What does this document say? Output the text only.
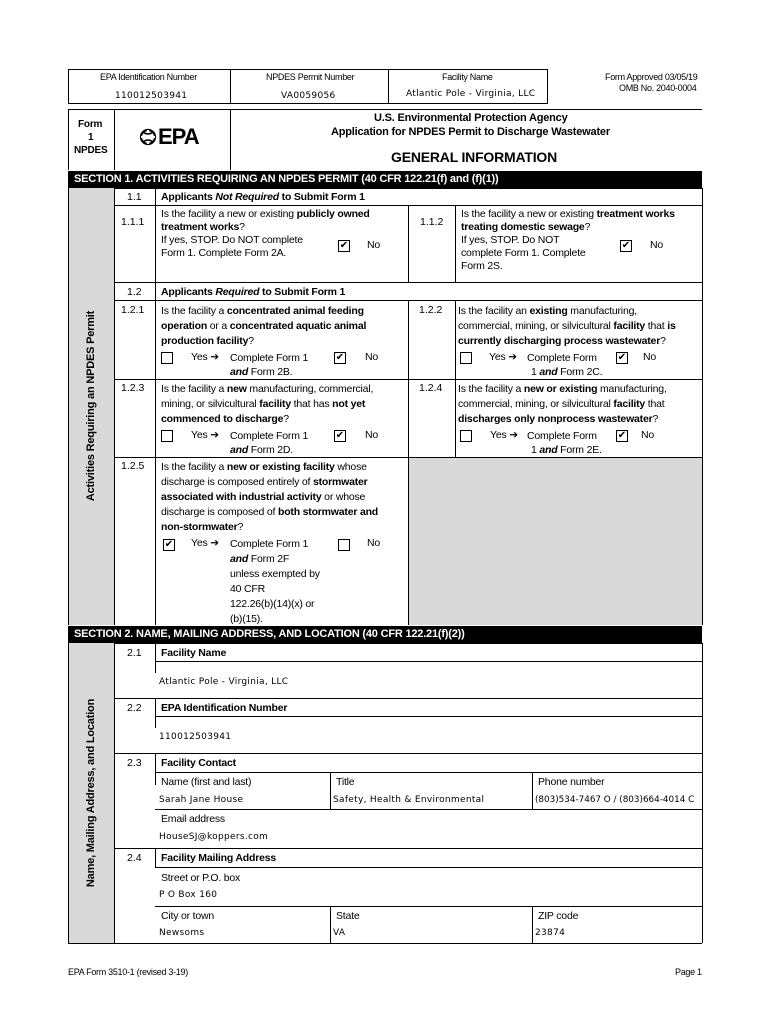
EPA Identification Number
110012503941
NPDES Permit Number
VA0059056
Facility Name
Atlantic Pole - Virginia, LLC
Form Approved 03/05/19
OMB No. 2040-0004
Form
1
NPDES
EPA
U.S. Environmental Protection Agency
Application for NPDES Permit to Discharge Wastewater
GENERAL INFORMATION
SECTION 1. ACTIVITIES REQUIRING AN NPDES PERMIT (40 CFR 122.21(f) and (f)(1))
Activities Requiring an NPDES Permit
1.1 Applicants Not Required to Submit Form 1
1.1.1
Is the facility a new or existing publicly owned
treatment works?
If yes, STOP. Do NOT complete
Form 1. Complete Form 2A.
✔ No
1.1.2
Is the facility a new or existing treatment works
treating domestic sewage?
If yes, STOP. Do NOT
complete Form 1. Complete
Form 2S.
✔ No
1.2 Applicants Required to Submit Form 1
1.2.1 Is the facility a concentrated animal feeding
operation or a concentrated aquatic animal
production facility?
Yes ➔ Complete Form 1
and Form 2B.
✔ No
1.2.2 Is the facility an existing manufacturing,
commercial, mining, or silvicultural facility that is
currently discharging process wastewater?
Yes ➔ Complete Form
1 and Form 2C.
✔ No
1.2.3 Is the facility a new manufacturing, commercial,
mining, or silvicultural facility that has not yet
commenced to discharge?
Yes ➔ Complete Form 1
and Form 2D.
✔ No
1.2.4 Is the facility a new or existing manufacturing,
commercial, mining, or silvicultural facility that
discharges only nonprocess wastewater?
Yes ➔ Complete Form
1 and Form 2E.
✔ No
1.2.5 Is the facility a new or existing facility whose
discharge is composed entirely of stormwater
associated with industrial activity or whose
discharge is composed of both stormwater and
non-stormwater?
✔ Yes ➔ Complete Form 1
and Form 2F
unless exempted by
40 CFR
122.26(b)(14)(x) or
(b)(15).
No
SECTION 2. NAME, MAILING ADDRESS, AND LOCATION (40 CFR 122.21(f)(2))
Name, Mailing Address, and Location
2.1 Facility Name
Atlantic Pole - Virginia, LLC
2.2 EPA Identification Number
110012503941
2.3 Facility Contact
Name (first and last)
Sarah Jane House
Title
Safety, Health & Environmental
Phone number
(803)534-7467 O / (803)664-4014 C
Email address
HouseSJ@koppers.com
2.4 Facility Mailing Address
Street or P.O. box
P O Box 160
City or town
Newsoms
State
VA
ZIP code
23874
EPA Form 3510-1 (revised 3-19)	Page 1
